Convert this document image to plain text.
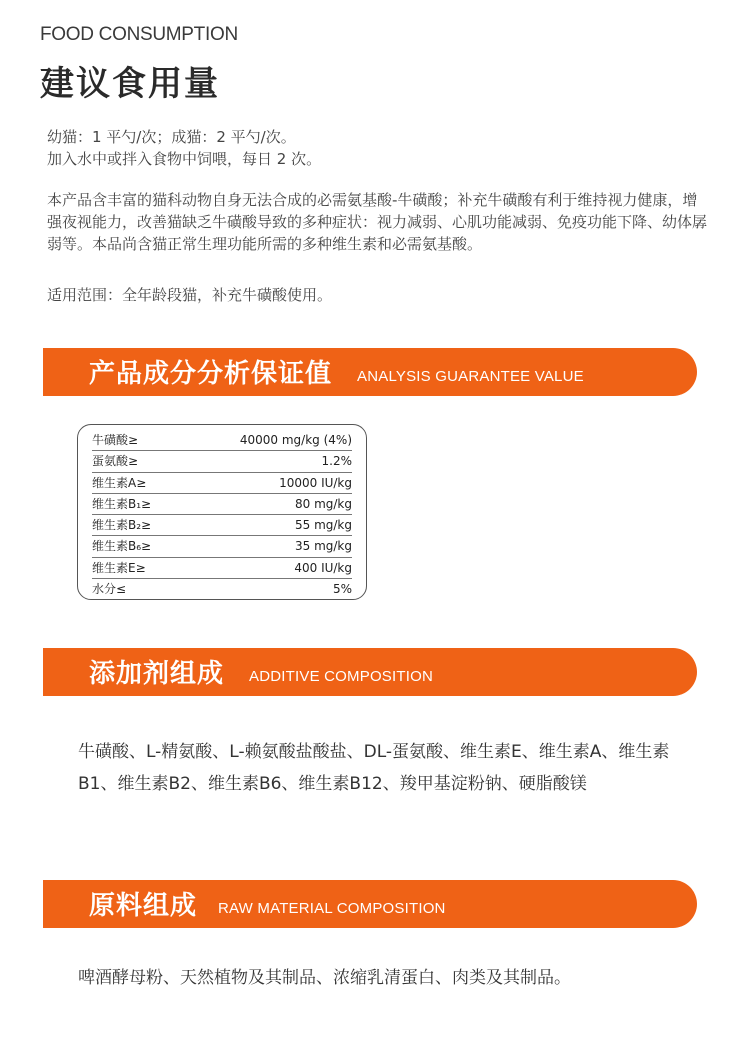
FOOD CONSUMPTION
建议食用量
幼猫：1 平勺/次；成猫：2 平勺/次。
加入水中或拌入食物中饲喂，每日 2 次。
本产品含丰富的猫科动物自身无法合成的必需氨基酸-牛磺酸；补充牛磺酸有利于维持视力健康，增强夜视能力，改善猫缺乏牛磺酸导致的多种症状：视力减弱、心肌功能减弱、免疫功能下降、幼体孱弱等。本品尚含猫正常生理功能所需的多种维生素和必需氨基酸。
适用范围：全年龄段猫，补充牛磺酸使用。
产品成分分析保证值 ANALYSIS GUARANTEE VALUE
牛磺酸≥	40000 mg/kg (4%)
蛋氨酸≥	1.2%
维生素A≥	10000 IU/kg
维生素B₁≥	80 mg/kg
维生素B₂≥	55 mg/kg
维生素B₆≥	35 mg/kg
维生素E≥	400 IU/kg
水分≤	5%
添加剂组成 ADDITIVE COMPOSITION
牛磺酸、L-精氨酸、L-赖氨酸盐酸盐、DL-蛋氨酸、维生素E、维生素A、维生素B1、维生素B2、维生素B6、维生素B12、羧甲基淀粉钠、硬脂酸镁
原料组成 RAW MATERIAL COMPOSITION
啤酒酵母粉、天然植物及其制品、浓缩乳清蛋白、肉类及其制品。
